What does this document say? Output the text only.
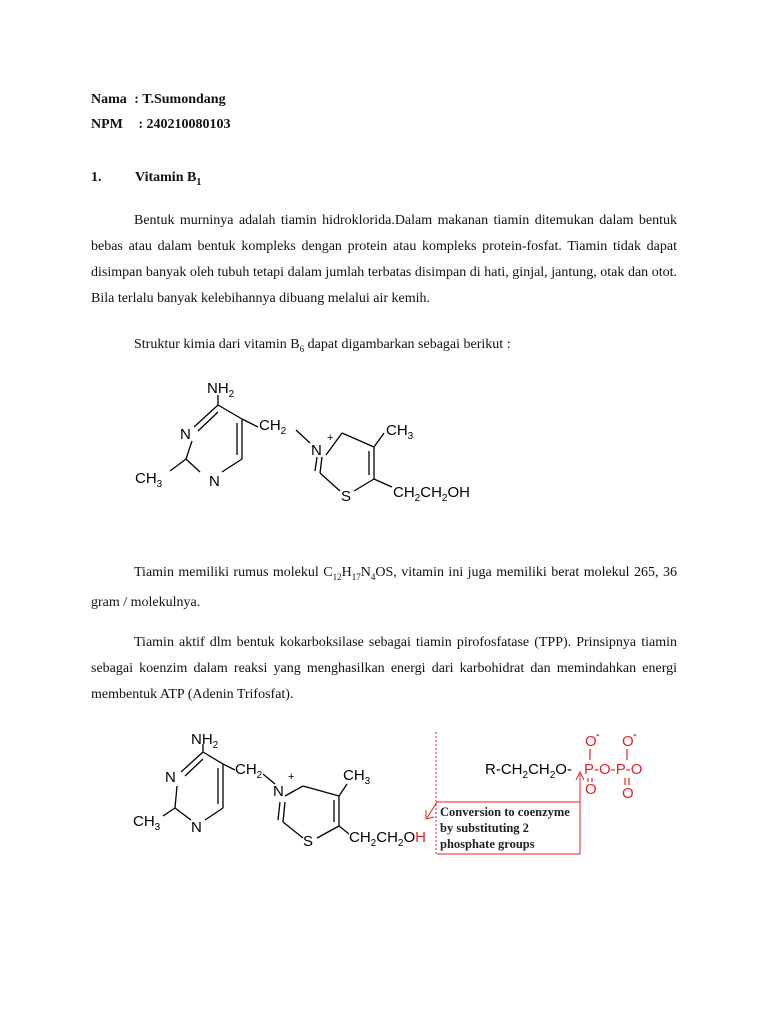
Nama : T.Sumondang
NPM : 240210080103
1. Vitamin $B_1$
Bentuk murninya adalah tiamin hidroklorida.Dalam makanan tiamin ditemukan dalam bentuk bebas atau dalam bentuk kompleks dengan protein atau kompleks protein-fosfat. Tiamin tidak dapat disimpan banyak oleh tubuh tetapi dalam jumlah terbatas disimpan di hati, ginjal, jantung, otak dan otot. Bila terlalu banyak kelebihannya dibuang melalui air kemih.
Struktur kimia dari vitamin $B_6$ dapat digambarkan sebagai berikut :
$NH_2$
N
N
$CH_3$
$CH_2$
N
+	$CH_3$
S	$CH_2CH_2OH$
Tiamin memiliki rumus molekul $C_{12}H_{17}N_4OS$, vitamin ini juga memiliki berat molekul 265, 36 gram / molekulnya.
Tiamin aktif dlm bentuk kokarboksilase sebagai tiamin pirofosfatase (TPP). Prinsipnya tiamin sebagai koenzim dalam reaksi yang menghasilkan energi dari karbohidrat dan memindahkan energi membentuk ATP (Adenin Trifosfat).
$NH_2$
N
N
$CH_3$
$CH_2$
N
+	$CH_3$
S $CH_2CH_2OH$
$R-CH_2CH_2O-$ P-O-P-O
O - O -
O O
Conversion to coenzyme
by substituting 2
phosphate groups
